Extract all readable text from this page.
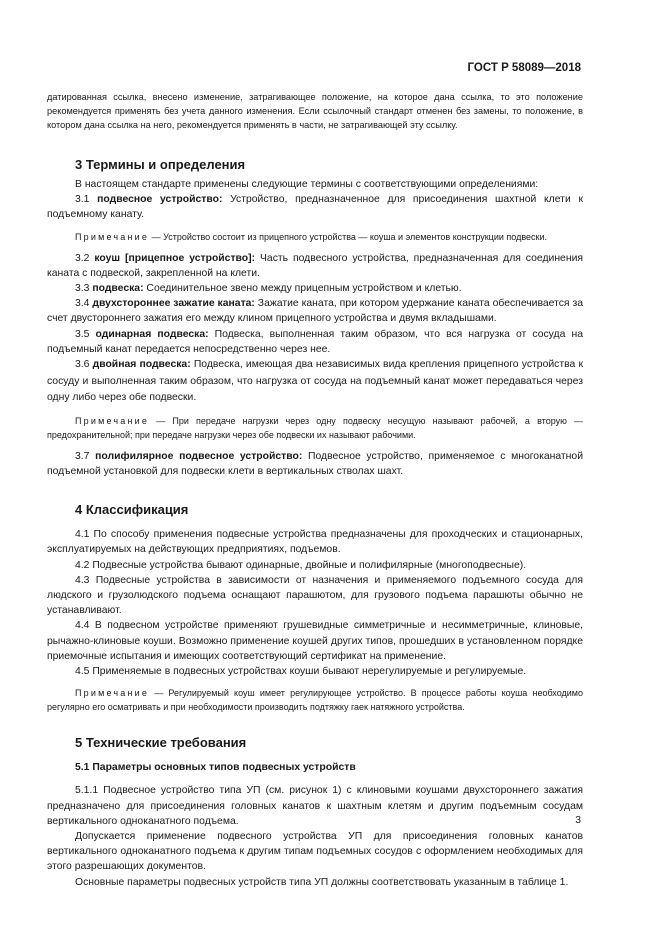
ГОСТ Р 58089—2018

датированная ссылка, внесено изменение, затрагивающее положение, на которое дана ссылка, то это положение рекомендуется применять без учета данного изменения. Если ссылочный стандарт отменен без замены, то положение, в котором дана ссылка на него, рекомендуется применять в части, не затрагивающей эту ссылку.

3 Термины и определения

В настоящем стандарте применены следующие термины с соответствующими определениями:

3.1 подвесное устройство: Устройство, предназначенное для присоединения шахтной клети к подъемному канату.

Примечание — Устройство состоит из прицепного устройства — коуша и элементов конструкции подвески.

3.2 коуш [прицепное устройство]: Часть подвесного устройства, предназначенная для соединения каната с подвеской, закрепленной на клети.

3.3 подвеска: Соединительное звено между прицепным устройством и клетью.

3.4 двухстороннее зажатие каната: Зажатие каната, при котором удержание каната обеспечивается за счет двустороннего зажатия его между клином прицепного устройства и двумя вкладышами.

3.5 одинарная подвеска: Подвеска, выполненная таким образом, что вся нагрузка от сосуда на подъемный канат передается непосредственно через нее.

3.6 двойная подвеска: Подвеска, имеющая два независимых вида крепления прицепного устройства к сосуду и выполненная таким образом, что нагрузка от сосуда на подъемный канат может передаваться через одну либо через обе подвески.

Примечание — При передаче нагрузки через одну подвеску несущую называют рабочей, а вторую — предохранительной; при передаче нагрузки через обе подвески их называют рабочими.

3.7 полифилярное подвесное устройство: Подвесное устройство, применяемое с многоканатной подъемной установкой для подвески клети в вертикальных стволах шахт.

4 Классификация

4.1 По способу применения подвесные устройства предназначены для проходческих и стационарных, эксплуатируемых на действующих предприятиях, подъемов.

4.2 Подвесные устройства бывают одинарные, двойные и полифилярные (многоподвесные).

4.3 Подвесные устройства в зависимости от назначения и применяемого подъемного сосуда для людского и грузолюдского подъема оснащают парашютом, для грузового подъема парашюты обычно не устанавливают.

4.4 В подвесном устройстве применяют грушевидные симметричные и несимметричные, клиновые, рычажно-клиновые коуши. Возможно применение коушей других типов, прошедших в установленном порядке приемочные испытания и имеющих соответствующий сертификат на применение.

4.5 Применяемые в подвесных устройствах коуши бывают нерегулируемые и регулируемые.

Примечание — Регулируемый коуш имеет регулирующее устройство. В процессе работы коуша необходимо регулярно его осматривать и при необходимости производить подтяжку гаек натяжного устройства.

5 Технические требования

5.1 Параметры основных типов подвесных устройств

5.1.1 Подвесное устройство типа УП (см. рисунок 1) с клиновыми коушами двухстороннего зажатия предназначено для присоединения головных канатов к шахтным клетям и другим подъемным сосудам вертикального одноканатного подъема.

Допускается применение подвесного устройства УП для присоединения головных канатов вертикального одноканатного подъема к другим типам подъемных сосудов с оформлением необходимых для этого разрешающих документов.

Основные параметры подвесных устройств типа УП должны соответствовать указанным в таблице 1.

3
